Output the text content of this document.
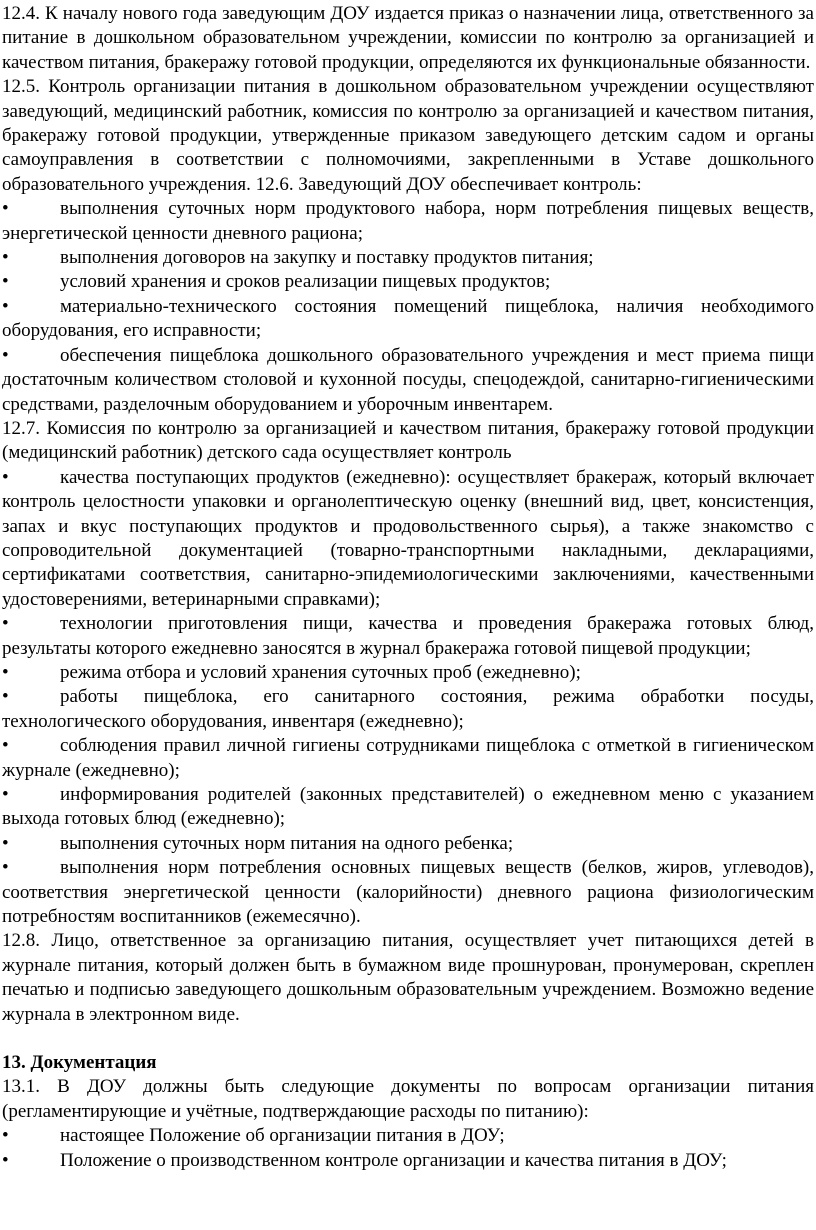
12.4. К началу нового года заведующим ДОУ издается приказ о назначении лица, ответственного за питание в дошкольном образовательном учреждении, комиссии по контролю за организацией и качеством питания, бракеражу готовой продукции, определяются их функциональные обязанности.

12.5. Контроль организации питания в дошкольном образовательном учреждении осуществляют заведующий, медицинский работник, комиссия по контролю за организацией и качеством питания, бракеражу готовой продукции, утвержденные приказом заведующего детским садом и органы самоуправления в соответствии с полномочиями, закрепленными в Уставе дошкольного образовательного учреждения. 12.6. Заведующий ДОУ обеспечивает контроль:

•	выполнения суточных норм продуктового набора, норм потребления пищевых веществ, энергетической ценности дневного рациона;

•	выполнения договоров на закупку и поставку продуктов питания;

•	условий хранения и сроков реализации пищевых продуктов;

•	материально-технического состояния помещений пищеблока, наличия необходимого оборудования, его исправности;

•	обеспечения пищеблока дошкольного образовательного учреждения и мест приема пищи достаточным количеством столовой и кухонной посуды, спецодеждой, санитарно-гигиеническими средствами, разделочным оборудованием и уборочным инвентарем.

12.7. Комиссия по контролю за организацией и качеством питания, бракеражу готовой продукции (медицинский работник) детского сада осуществляет контроль

•	качества поступающих продуктов (ежедневно): осуществляет бракераж, который включает контроль целостности упаковки и органолептическую оценку (внешний вид, цвет, консистенция, запах и вкус поступающих продуктов и продовольственного сырья), а также знакомство с сопроводительной документацией (товарно-транспортными накладными, декларациями, сертификатами соответствия, санитарно-эпидемиологическими заключениями, качественными удостоверениями, ветеринарными справками);

•	технологии приготовления пищи, качества и проведения бракеража готовых блюд, результаты которого ежедневно заносятся в журнал бракеража готовой пищевой продукции;

•	режима отбора и условий хранения суточных проб (ежедневно);

•	работы пищеблока, его санитарного состояния, режима обработки посуды, технологического оборудования, инвентаря (ежедневно);

•	соблюдения правил личной гигиены сотрудниками пищеблока с отметкой в гигиеническом журнале (ежедневно);

•	информирования родителей (законных представителей) о ежедневном меню с указанием выхода готовых блюд (ежедневно);

•	выполнения суточных норм питания на одного ребенка;

•	выполнения норм потребления основных пищевых веществ (белков, жиров, углеводов), соответствия энергетической ценности (калорийности) дневного рациона физиологическим потребностям воспитанников (ежемесячно).

12.8. Лицо, ответственное за организацию питания, осуществляет учет питающихся детей в журнале питания, который должен быть в бумажном виде прошнурован, пронумерован, скреплен печатью и подписью заведующего дошкольным образовательным учреждением. Возможно ведение журнала в электронном виде.

13. Документация

13.1. В ДОУ должны быть следующие документы по вопросам организации питания (регламентирующие и учётные, подтверждающие расходы по питанию):

•	настоящее Положение об организации питания в ДОУ;

•	Положение о производственном контроле организации и качества питания в ДОУ;
